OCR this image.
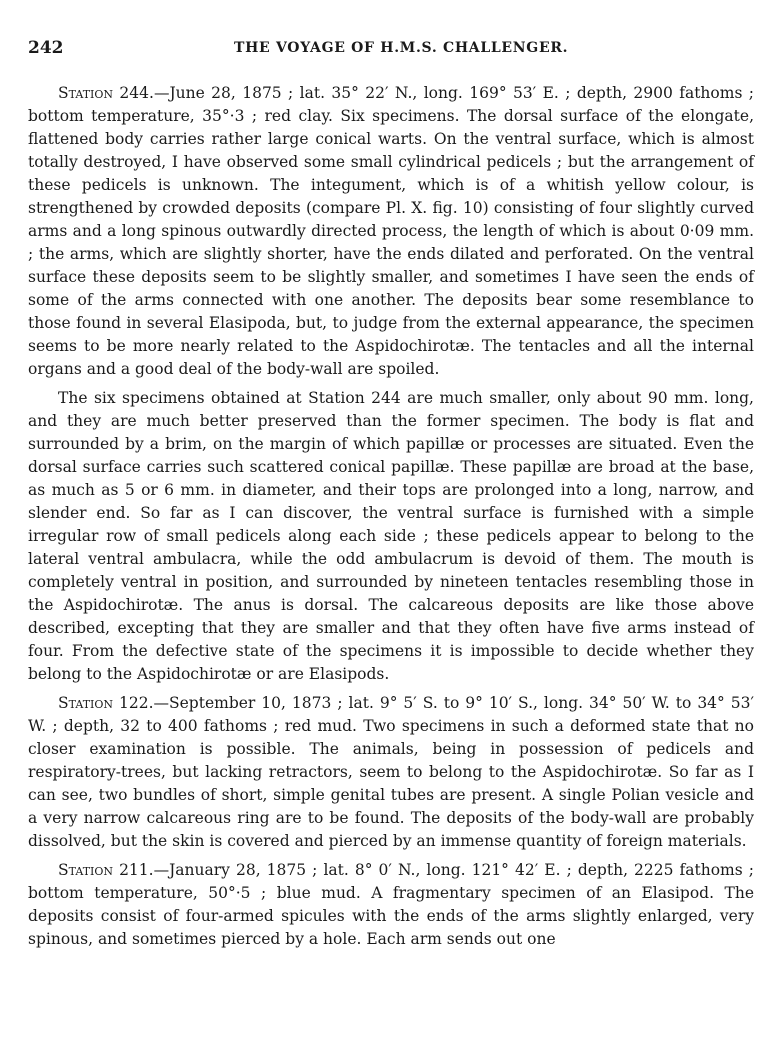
242	THE VOYAGE OF H.M.S. CHALLENGER.

Station 244.—June 28, 1875 ; lat. 35° 22′ N., long. 169° 53′ E. ; depth, 2900 fathoms ; bottom temperature, 35°·3 ; red clay. Six specimens. The dorsal surface of the elongate, flattened body carries rather large conical warts. On the ventral surface, which is almost totally destroyed, I have observed some small cylindrical pedicels ; but the arrangement of these pedicels is unknown. The integument, which is of a whitish yellow colour, is strengthened by crowded deposits (compare Pl. X. fig. 10) consisting of four slightly curved arms and a long spinous outwardly directed process, the length of which is about 0·09 mm. ; the arms, which are slightly shorter, have the ends dilated and perforated. On the ventral surface these deposits seem to be slightly smaller, and sometimes I have seen the ends of some of the arms connected with one another. The deposits bear some resemblance to those found in several Elasipoda, but, to judge from the external appearance, the specimen seems to be more nearly related to the Aspidochirotæ. The tentacles and all the internal organs and a good deal of the body-wall are spoiled.

The six specimens obtained at Station 244 are much smaller, only about 90 mm. long, and they are much better preserved than the former specimen. The body is flat and surrounded by a brim, on the margin of which papillæ or processes are situated. Even the dorsal surface carries such scattered conical papillæ. These papillæ are broad at the base, as much as 5 or 6 mm. in diameter, and their tops are prolonged into a long, narrow, and slender end. So far as I can discover, the ventral surface is furnished with a simple irregular row of small pedicels along each side ; these pedicels appear to belong to the lateral ventral ambulacra, while the odd ambulacrum is devoid of them. The mouth is completely ventral in position, and surrounded by nineteen tentacles resembling those in the Aspidochirotæ. The anus is dorsal. The calcareous deposits are like those above described, excepting that they are smaller and that they often have five arms instead of four. From the defective state of the specimens it is impossible to decide whether they belong to the Aspidochirotæ or are Elasipods.

Station 122.—September 10, 1873 ; lat. 9° 5′ S. to 9° 10′ S., long. 34° 50′ W. to 34° 53′ W. ; depth, 32 to 400 fathoms ; red mud. Two specimens in such a deformed state that no closer examination is possible. The animals, being in possession of pedicels and respiratory-trees, but lacking retractors, seem to belong to the Aspidochirotæ. So far as I can see, two bundles of short, simple genital tubes are present. A single Polian vesicle and a very narrow calcareous ring are to be found. The deposits of the body-wall are probably dissolved, but the skin is covered and pierced by an immense quantity of foreign materials.

Station 211.—January 28, 1875 ; lat. 8° 0′ N., long. 121° 42′ E. ; depth, 2225 fathoms ; bottom temperature, 50°·5 ; blue mud. A fragmentary specimen of an Elasipod. The deposits consist of four-armed spicules with the ends of the arms slightly enlarged, very spinous, and sometimes pierced by a hole. Each arm sends out one
